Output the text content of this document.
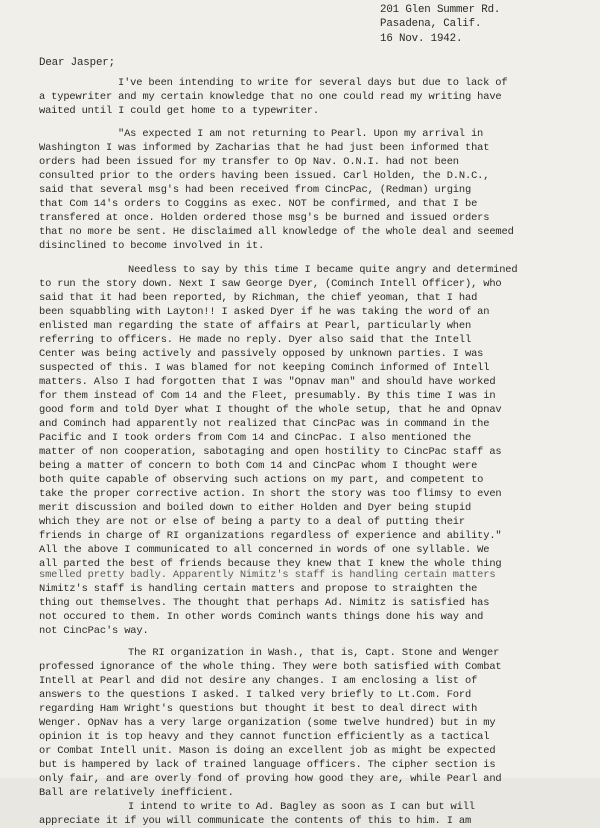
201 Glen Summer Rd.
Pasadena, Calif.
16 Nov. 1942.
Dear Jasper;
I've been intending to write for several days but due to lack of
a typewriter and my certain knowledge that no one could read my writing have
waited until I could get home to a typewriter.
"As expected I am not returning to Pearl. Upon my arrival in
Washington I was informed by Zacharias that he had just been informed that
orders had been issued for my transfer to Op Nav. O.N.I. had not been
consulted prior to the orders having been issued. Carl Holden, the D.N.C.,
said that several msg's had been received from CincPac, (Redman) urging
that Com 14's orders to Coggins as exec. NOT be confirmed, and that I be
transfered at once. Holden ordered those msg's be burned and issued orders
that no more be sent. He disclaimed all knowledge of the whole deal and seemed
disinclined to become involved in it.
Needless to say by this time I became quite angry and determined
to run the story down. Next I saw George Dyer, (Cominch Intell Officer), who
said that it had been reported, by Richman, the chief yeoman, that I had
been squabbling with Layton!! I asked Dyer if he was taking the word of an
enlisted man regarding the state of affairs at Pearl, particularly when
referring to officers. He made no reply. Dyer also said that the Intell
Center was being actively and passively opposed by unknown parties. I was
suspected of this. I was blamed for not keeping Cominch informed of Intell
matters. Also I had forgotten that I was "Opnav man" and should have worked
for them instead of Com 14 and the Fleet, presumably. By this time I was in
good form and told Dyer what I thought of the whole setup, that he and Opnav
and Cominch had apparently not realized that CincPac was in command in the
Pacific and I took orders from Com 14 and CincPac. I also mentioned the
matter of non cooperation, sabotaging and open hostility to CincPac staff as
being a matter of concern to both Com 14 and CincPac whom I thought were
both quite capable of observing such actions on my part, and competent to
take the proper corrective action. In short the story was too flimsy to even
merit discussion and boiled down to either Holden and Dyer being stupid
which they are not or else of being a party to a deal of putting their
friends in charge of RI organizations regardless of experience and ability."
All the above I communicated to all concerned in words of one syllable. We
all parted the best of friends because they knew that I knew the whole thing
smelled pretty badly. Apparently Nimitz's staff is handling certain matters
Nimitz's staff is handling certain matters and propose to straighten the
thing out themselves. The thought that perhaps Ad. Nimitz is satisfied has
not occured to them. In other words Cominch wants things done his way and
not CincPac's way.
The RI organization in Wash., that is, Capt. Stone and Wenger
professed ignorance of the whole thing. They were both satisfied with Combat
Intell at Pearl and did not desire any changes. I am enclosing a list of
answers to the questions I asked. I talked very briefly to Lt.Com. Ford
regarding Ham Wright's questions but thought it best to deal direct with
Wenger. OpNav has a very large organization (some twelve hundred) but in my
opinion it is top heavy and they cannot function efficiently as a tactical
or Combat Intell unit. Mason is doing an excellent job as might be expected
but is hampered by lack of trained language officers. The cipher section is
only fair, and are overly fond of proving how good they are, while Pearl and
Ball are relatively inefficient.
I intend to write to Ad. Bagley as soon as I can but will
appreciate it if you will communicate the contents of this to him. I am
